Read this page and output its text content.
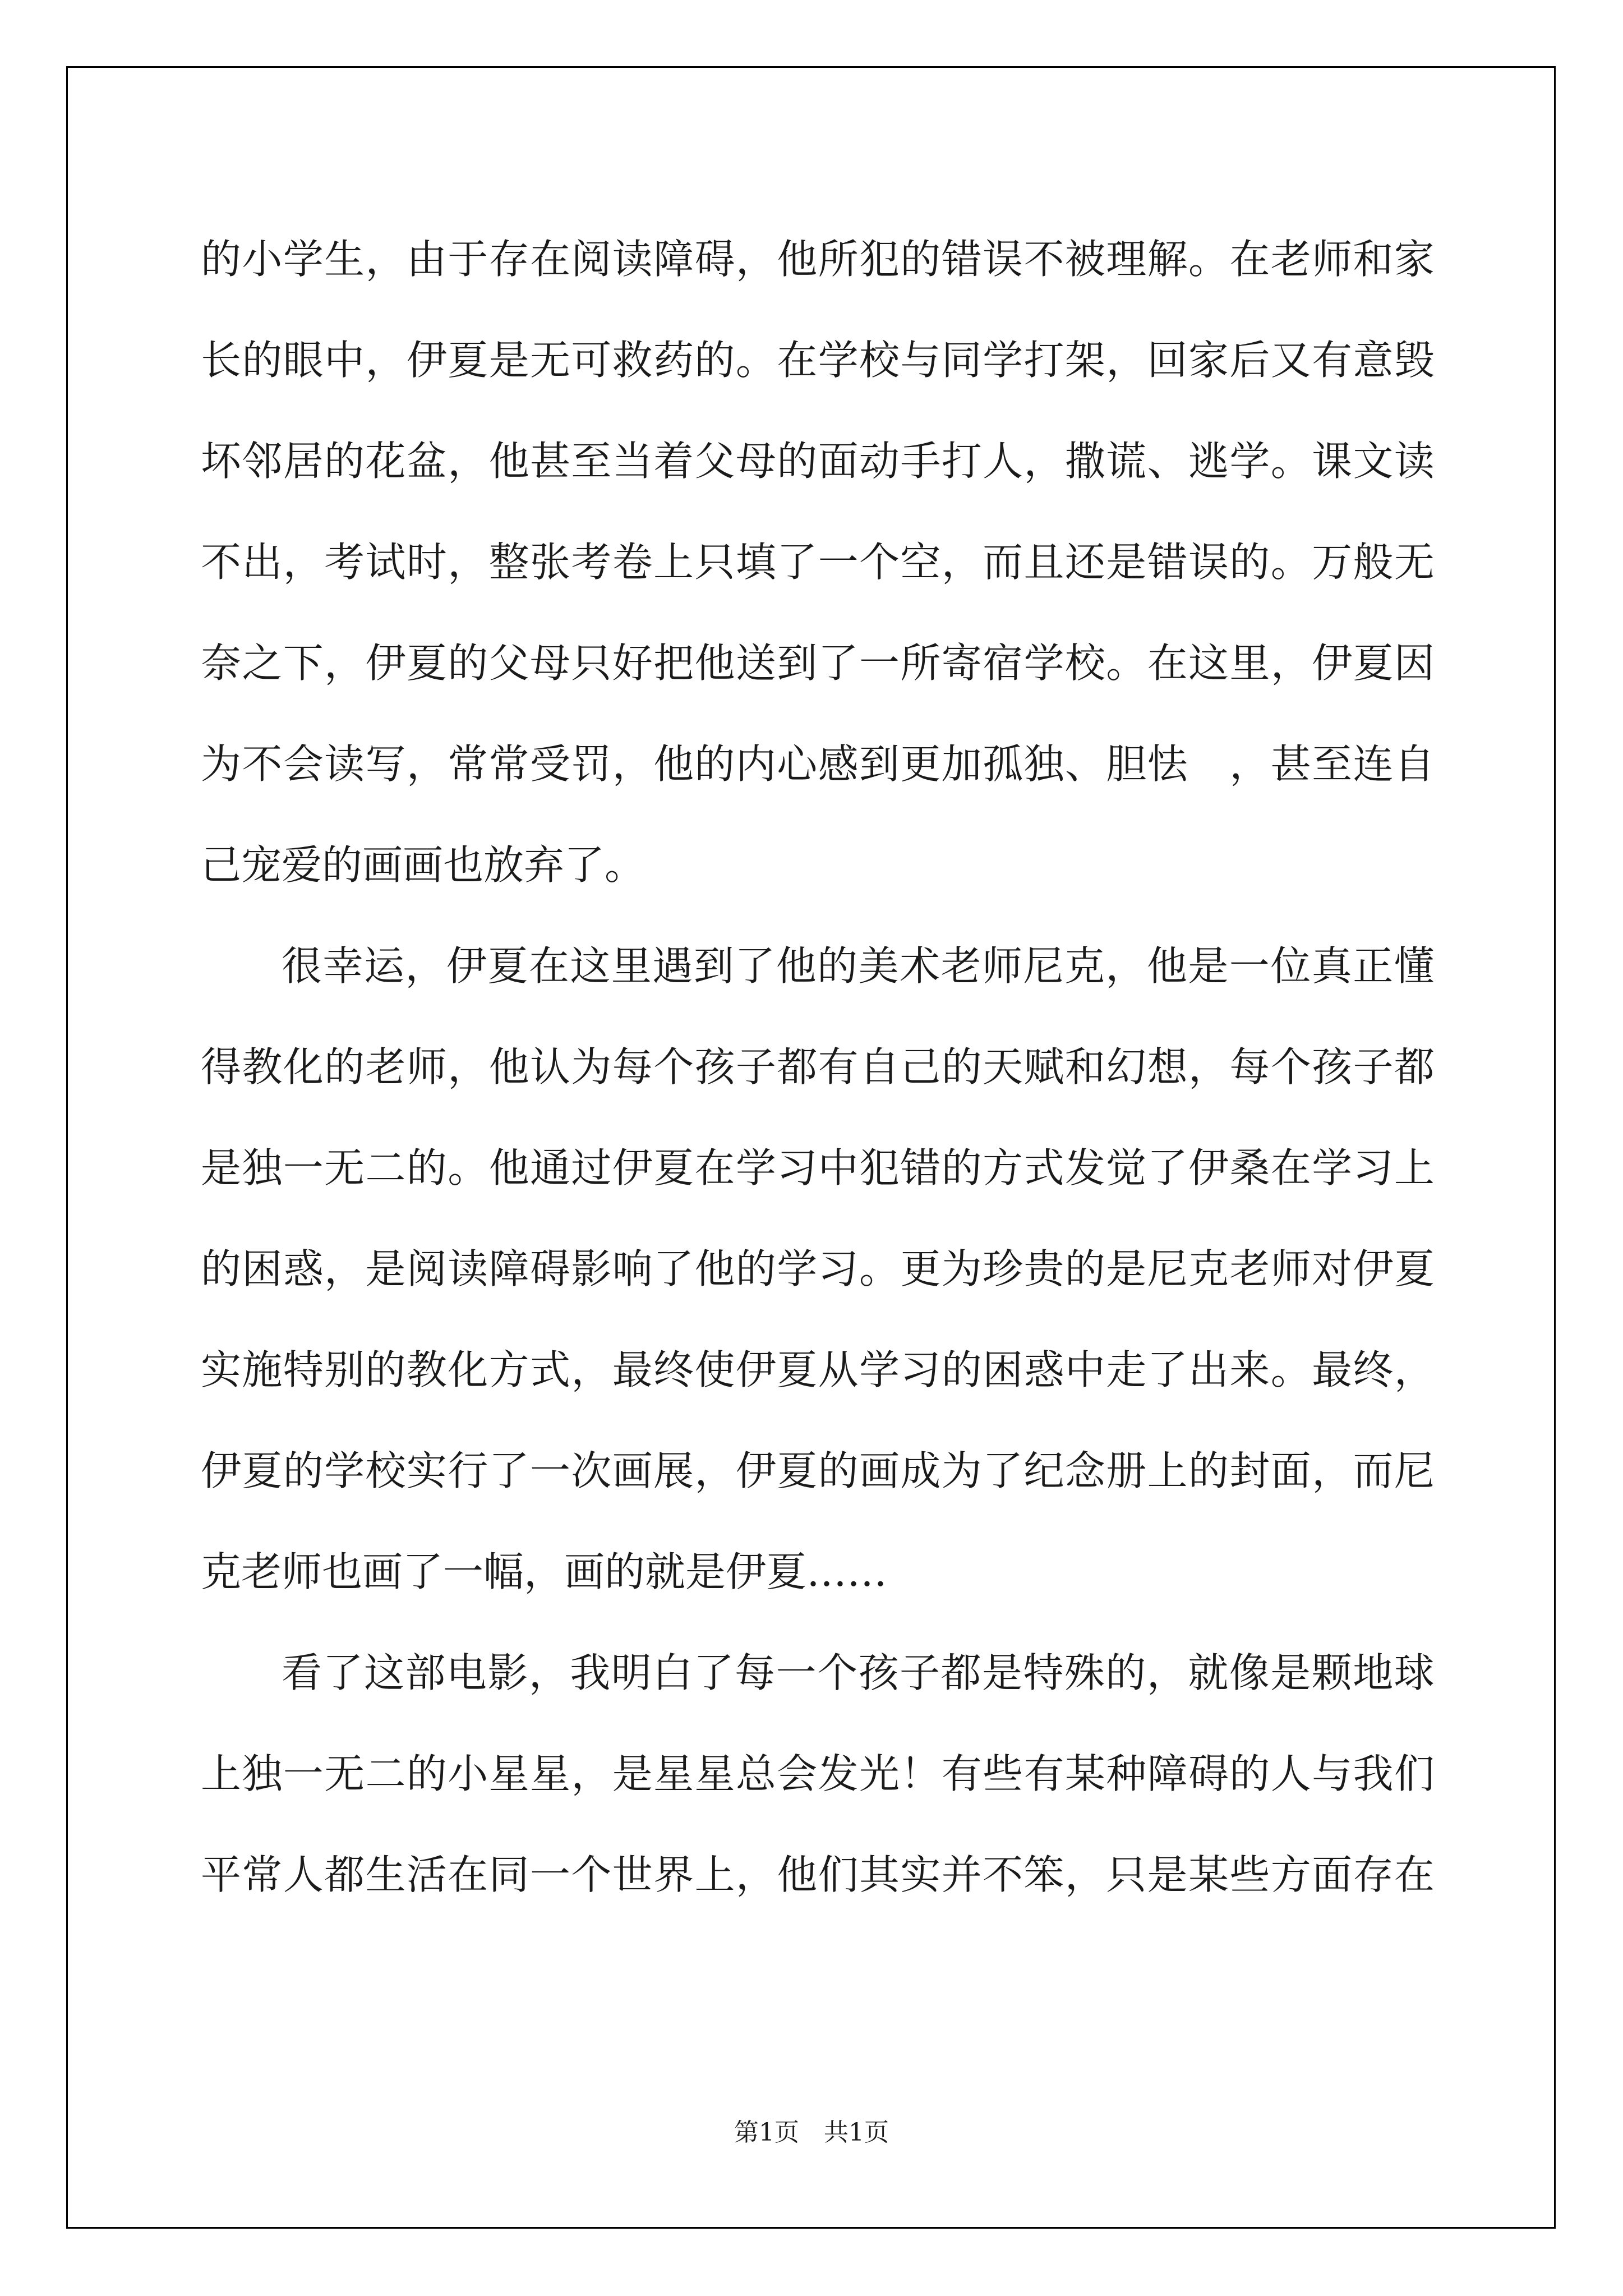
的 小 学 生 ， 由 于 存 在 阅 读 障 碍 ， 他 所 犯 的 错 误 不 被 理 解 。 在 老 师 和 家
长 的 眼 中 ， 伊 夏 是 无 可 救 药 的 。 在 学 校 与 同 学 打 架 ， 回 家 后 又 有 意 毁
坏 邻 居 的 花 盆 ， 他 甚 至 当 着 父 母 的 面 动 手 打 人 ， 撒 谎 、 逃 学 。 课 文 读
不 出 ， 考 试 时 ， 整 张 考 卷 上 只 填 了 一 个 空 ， 而 且 还 是 错 误 的 。 万 般 无
奈 之 下 ， 伊 夏 的 父 母 只 好 把 他 送 到 了 一 所 寄 宿 学 校 。 在 这 里 ， 伊 夏 因
为 不 会 读 写 ， 常 常 受 罚 ， 他 的 内 心 感 到 更 加 孤 独 、 胆 怯
　 ， 甚 至 连 自
己宠爱的画画也放弃了。
很 幸 运 ， 伊 夏 在 这 里 遇 到 了 他 的 美 术 老 师 尼 克 ， 他 是 一 位 真 正 懂
得 教 化 的 老 师 ， 他 认 为 每 个 孩 子 都 有 自 己 的 天 赋 和 幻 想 ， 每 个 孩 子 都
是 独 一 无 二 的 。 他 通 过 伊 夏 在 学 习 中 犯 错 的 方 式 发 觉 了 伊 桑 在 学 习 上
的 困 惑 ， 是 阅 读 障 碍 影 响 了 他 的 学 习 。 更 为 珍 贵 的 是 尼 克 老 师 对 伊 夏
实 施 特 别 的 教 化 方 式 ， 最 终 使 伊 夏 从 学 习 的 困 惑 中 走 了 出 来 。 最 终 ，
伊 夏 的 学 校 实 行 了 一 次 画 展 ， 伊 夏 的 画 成 为 了 纪 念 册 上 的 封 面 ， 而 尼
克老师也画了一幅，画的就是伊夏……
看 了 这 部 电 影 ， 我 明 白 了 每 一 个 孩 子 都 是 特 殊 的 ， 就 像 是 颗 地 球
上 独 一 无 二 的 小 星 星 ， 是 星 星 总 会 发 光 ！ 有 些 有 某 种 障 碍 的 人 与 我 们
平 常 人 都 生 活 在 同 一 个 世 界 上 ， 他 们 其 实 并 不 笨 ， 只 是 某 些 方 面 存 在
第1页　共1页
